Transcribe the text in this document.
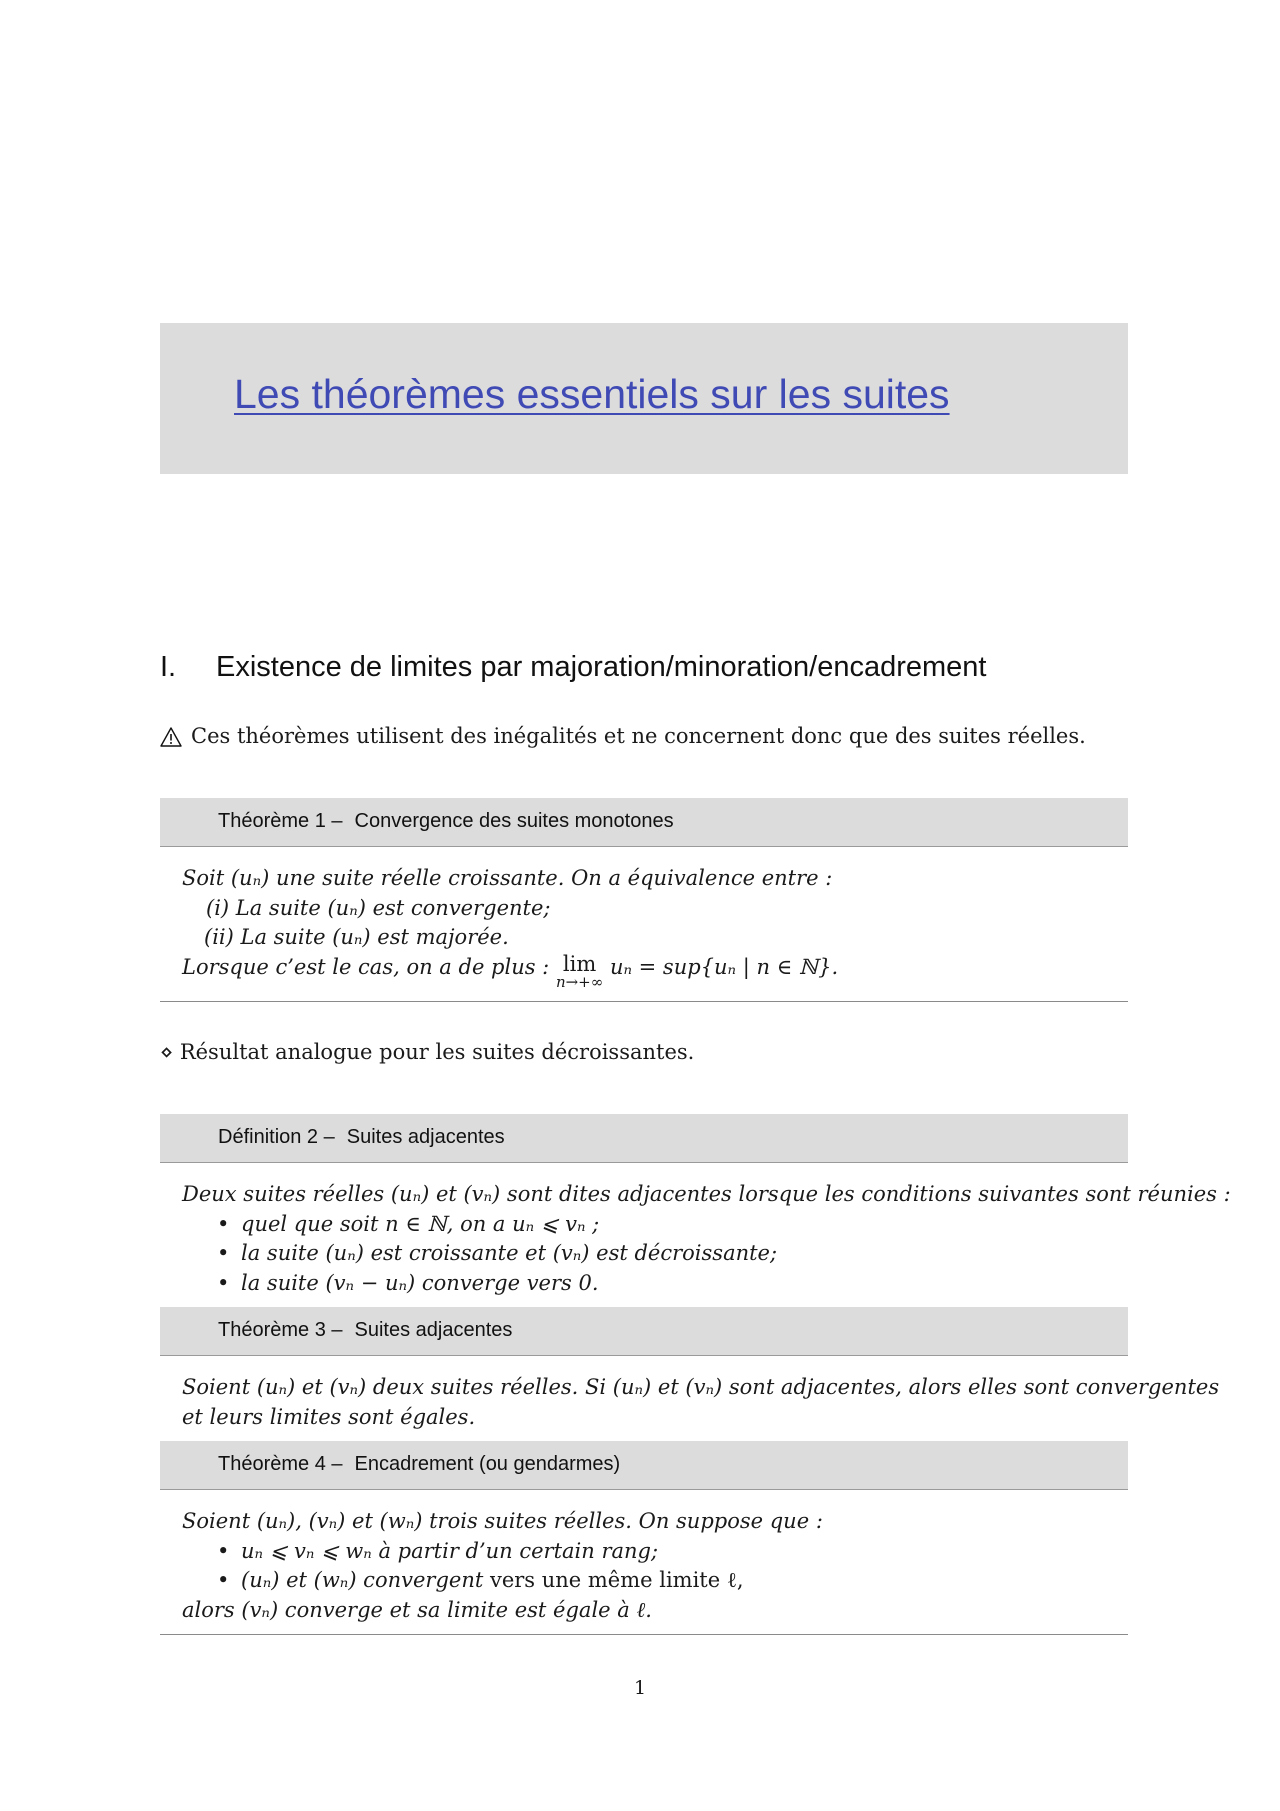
Les théorèmes essentiels sur les suites
I. Existence de limites par majoration/minoration/encadrement
Ces théorèmes utilisent des inégalités et ne concernent donc que des suites réelles.
Théorème 1 – Convergence des suites monotones
Soit (uₙ) une suite réelle croissante. On a équivalence entre :
(i) La suite (uₙ) est convergente;
(ii) La suite (uₙ) est majorée.
Lorsque c’est le cas, on a de plus : lim
n→+∞
uₙ = sup{uₙ | n ∈ ℕ}.
⋄ Résultat analogue pour les suites décroissantes.
Définition 2 – Suites adjacentes
Deux suites réelles (uₙ) et (vₙ) sont dites adjacentes lorsque les conditions suivantes sont réunies :
• quel que soit n ∈ ℕ, on a uₙ ⩽ vₙ ;
• la suite (uₙ) est croissante et (vₙ) est décroissante;
• la suite (vₙ − uₙ) converge vers 0.
Théorème 3 – Suites adjacentes
Soient (uₙ) et (vₙ) deux suites réelles. Si (uₙ) et (vₙ) sont adjacentes, alors elles sont convergentes
et leurs limites sont égales.
Théorème 4 – Encadrement (ou gendarmes)
Soient (uₙ), (vₙ) et (wₙ) trois suites réelles. On suppose que :
• uₙ ⩽ vₙ ⩽ wₙ à partir d’un certain rang;
• (uₙ) et (wₙ) convergent vers une même limite ℓ,
alors (vₙ) converge et sa limite est égale à ℓ.
1
